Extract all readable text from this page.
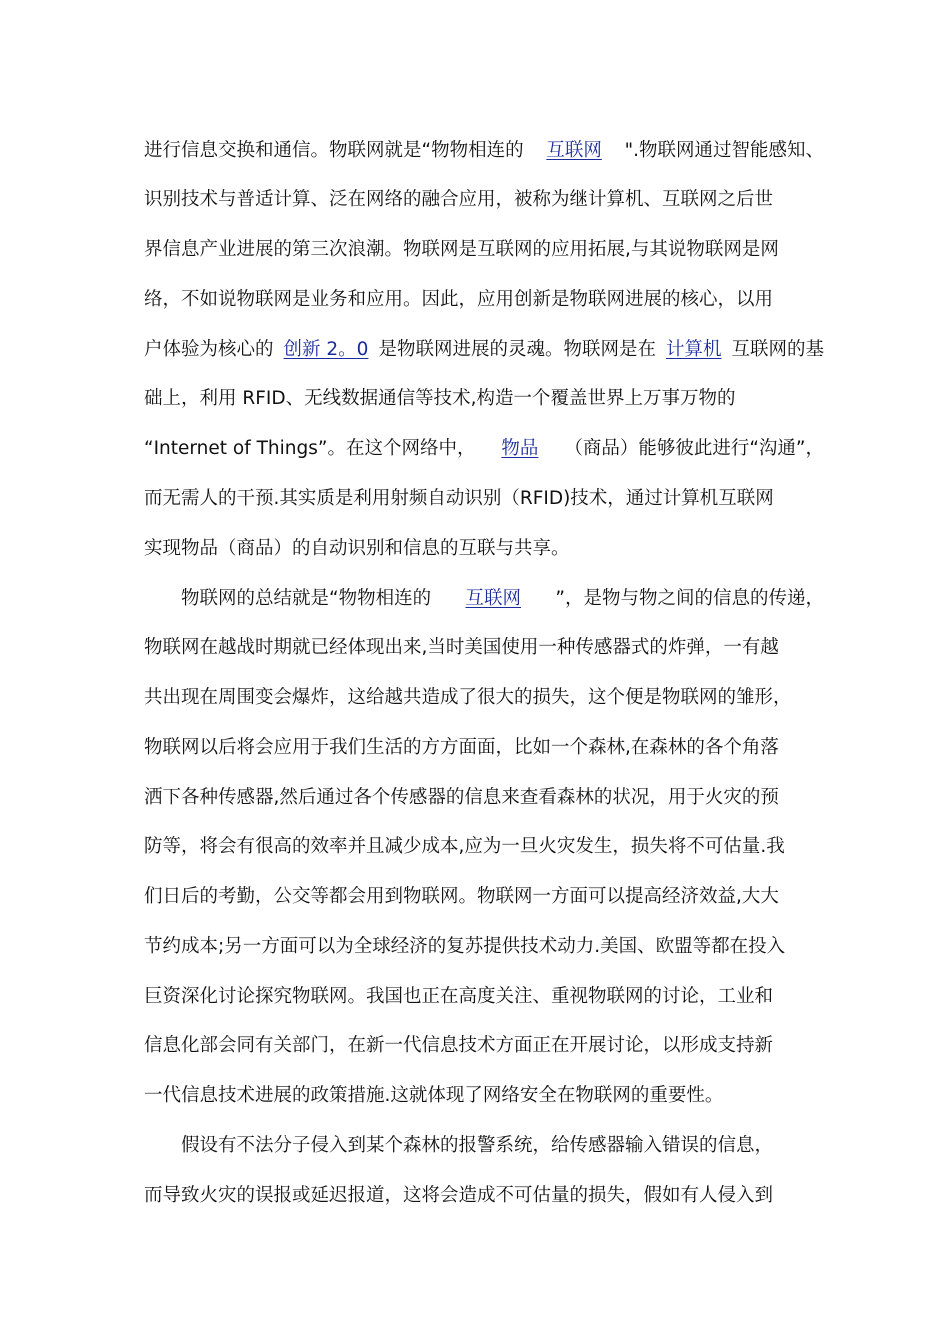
进行信息交换和通信。物联网就是“物物相连的 互联网 ".物联网通过智能感知、
识别技术与普适计算、泛在网络的融合应用，被称为继计算机、互联网之后世
界信息产业进展的第三次浪潮。物联网是互联网的应用拓展,与其说物联网是网
络，不如说物联网是业务和应用。因此，应用创新是物联网进展的核心，以用
户体验为核心的 创新 2。0 是物联网进展的灵魂。物联网是在 计算机 互联网的基
础上，利用 RFID、无线数据通信等技术,构造一个覆盖世界上万事万物的
“Internet of Things”。在这个网络中， 物品 （商品）能够彼此进行“沟通”，
而无需人的干预.其实质是利用射频自动识别（RFID)技术，通过计算机互联网
实现物品（商品）的自动识别和信息的互联与共享。
物联网的总结就是“物物相连的 互联网 ”，是物与物之间的信息的传递，
物联网在越战时期就已经体现出来,当时美国使用一种传感器式的炸弹，一有越
共出现在周围变会爆炸，这给越共造成了很大的损失，这个便是物联网的雏形，
物联网以后将会应用于我们生活的方方面面，比如一个森林,在森林的各个角落
洒下各种传感器,然后通过各个传感器的信息来查看森林的状况，用于火灾的预
防等，将会有很高的效率并且减少成本,应为一旦火灾发生，损失将不可估量.我
们日后的考勤，公交等都会用到物联网。物联网一方面可以提高经济效益,大大
节约成本;另一方面可以为全球经济的复苏提供技术动力.美国、欧盟等都在投入
巨资深化讨论探究物联网。我国也正在高度关注、重视物联网的讨论，工业和
信息化部会同有关部门，在新一代信息技术方面正在开展讨论，以形成支持新
一代信息技术进展的政策措施.这就体现了网络安全在物联网的重要性。
假设有不法分子侵入到某个森林的报警系统，给传感器输入错误的信息，
而导致火灾的误报或延迟报道，这将会造成不可估量的损失，假如有人侵入到
